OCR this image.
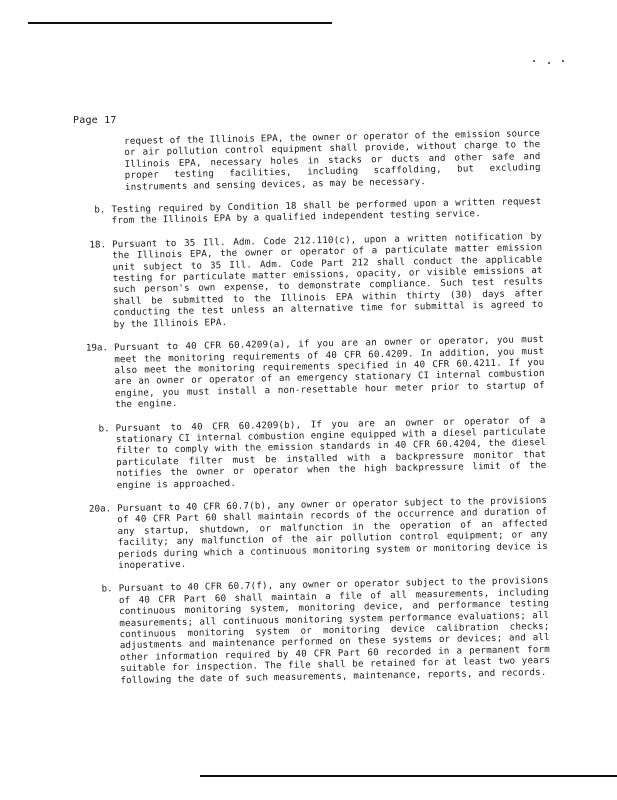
Page 17
request of the Illinois EPA, the owner or operator of the emission source or air pollution control equipment shall provide, without charge to the Illinois EPA, necessary holes in stacks or ducts and other safe and proper testing facilities, including scaffolding, but excluding instruments and sensing devices, as may be necessary.
b. Testing required by Condition 18 shall be performed upon a written request from the Illinois EPA by a qualified independent testing service.
18. Pursuant to 35 Ill. Adm. Code 212.110(c), upon a written notification by the Illinois EPA, the owner or operator of a particulate matter emission unit subject to 35 Ill. Adm. Code Part 212 shall conduct the applicable testing for particulate matter emissions, opacity, or visible emissions at such person's own expense, to demonstrate compliance. Such test results shall be submitted to the Illinois EPA within thirty (30) days after conducting the test unless an alternative time for submittal is agreed to by the Illinois EPA.
19a. Pursuant to 40 CFR 60.4209(a), if you are an owner or operator, you must meet the monitoring requirements of 40 CFR 60.4209. In addition, you must also meet the monitoring requirements specified in 40 CFR 60.4211. If you are an owner or operator of an emergency stationary CI internal combustion engine, you must install a non-resettable hour meter prior to startup of the engine.
b. Pursuant to 40 CFR 60.4209(b), If you are an owner or operator of a stationary CI internal combustion engine equipped with a diesel particulate filter to comply with the emission standards in 40 CFR 60.4204, the diesel particulate filter must be installed with a backpressure monitor that notifies the owner or operator when the high backpressure limit of the engine is approached.
20a. Pursuant to 40 CFR 60.7(b), any owner or operator subject to the provisions of 40 CFR Part 60 shall maintain records of the occurrence and duration of any startup, shutdown, or malfunction in the operation of an affected facility; any malfunction of the air pollution control equipment; or any periods during which a continuous monitoring system or monitoring device is inoperative.
b. Pursuant to 40 CFR 60.7(f), any owner or operator subject to the provisions of 40 CFR Part 60 shall maintain a file of all measurements, including continuous monitoring system, monitoring device, and performance testing measurements; all continuous monitoring system performance evaluations; all continuous monitoring system or monitoring device calibration checks; adjustments and maintenance performed on these systems or devices; and all other information required by 40 CFR Part 60 recorded in a permanent form suitable for inspection. The file shall be retained for at least two years following the date of such measurements, maintenance, reports, and records.
